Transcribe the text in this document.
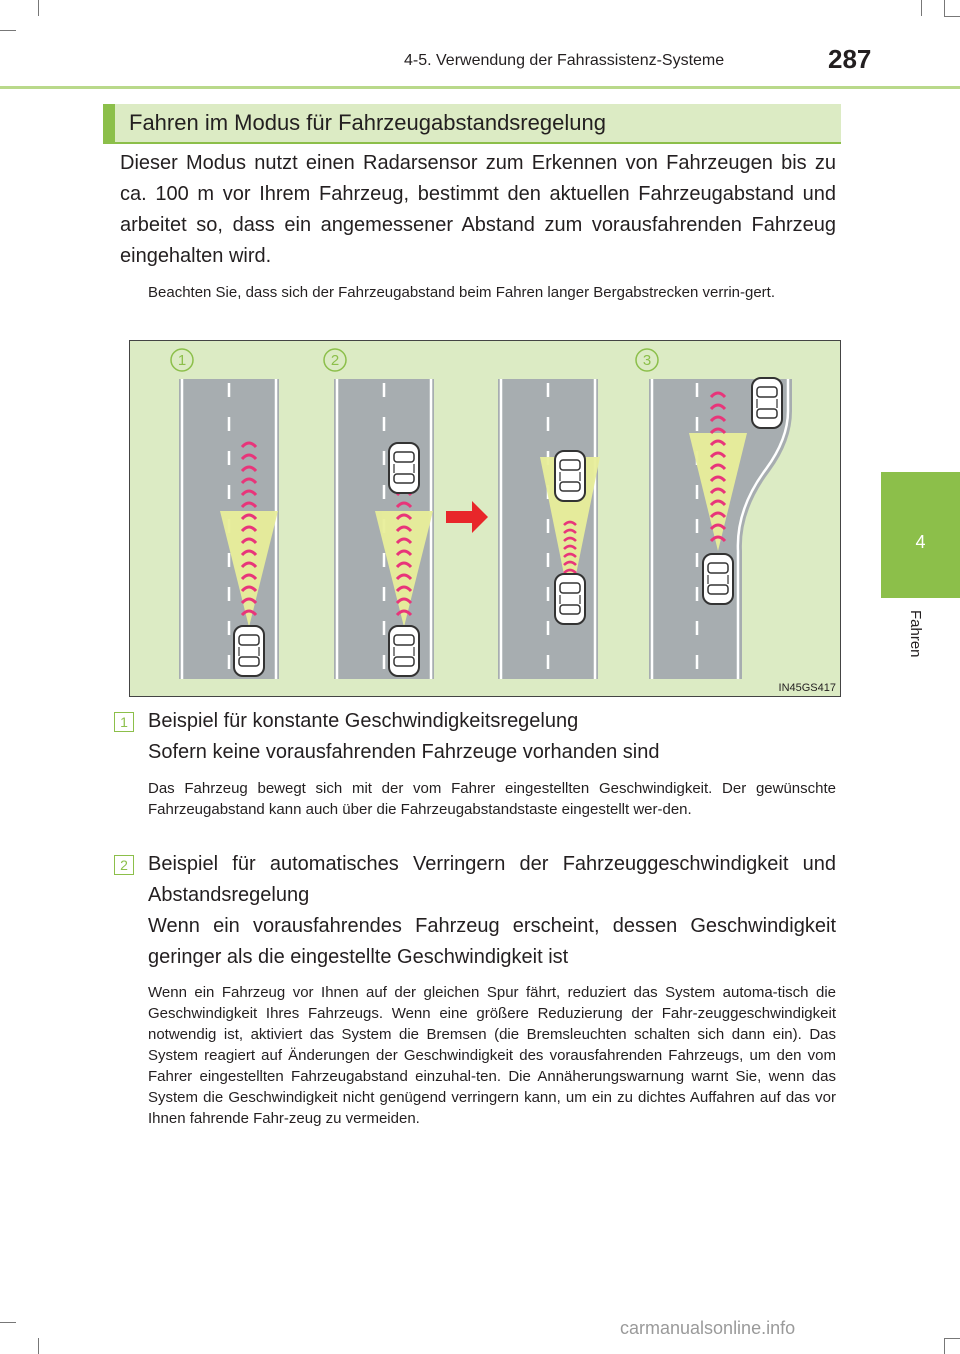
4-5. Verwendung der Fahrassistenz-Systeme	287
4
Fahren
Fahren im Modus für Fahrzeugabstandsregelung
Dieser Modus nutzt einen Radarsensor zum Erkennen von Fahrzeugen bis zu ca. 100 m vor Ihrem Fahrzeug, bestimmt den aktuellen Fahrzeugabstand und arbeitet so, dass ein angemessener Abstand zum vorausfahrenden Fahrzeug eingehalten wird.
Beachten Sie, dass sich der Fahrzeugabstand beim Fahren langer Bergabstrecken verrin-gert.
1	2	3
IN45GS417
1	Beispiel für konstante Geschwindigkeitsregelung
Sofern keine vorausfahrenden Fahrzeuge vorhanden sind
Das Fahrzeug bewegt sich mit der vom Fahrer eingestellten Geschwindigkeit. Der gewünschte Fahrzeugabstand kann auch über die Fahrzeugabstandstaste eingestellt wer-den.
2	Beispiel für automatisches Verringern der Fahrzeuggeschwindigkeit und Abstandsregelung
Wenn ein vorausfahrendes Fahrzeug erscheint, dessen Geschwindigkeit geringer als die eingestellte Geschwindigkeit ist
Wenn ein Fahrzeug vor Ihnen auf der gleichen Spur fährt, reduziert das System automa-tisch die Geschwindigkeit Ihres Fahrzeugs. Wenn eine größere Reduzierung der Fahr-zeuggeschwindigkeit notwendig ist, aktiviert das System die Bremsen (die Bremsleuchten schalten sich dann ein). Das System reagiert auf Änderungen der Geschwindigkeit des vorausfahrenden Fahrzeugs, um den vom Fahrer eingestellten Fahrzeugabstand einzuhal-ten. Die Annäherungswarnung warnt Sie, wenn das System die Geschwindigkeit nicht genügend verringern kann, um ein zu dichtes Auffahren auf das vor Ihnen fahrende Fahr-zeug zu vermeiden.
carmanualsonline.info
